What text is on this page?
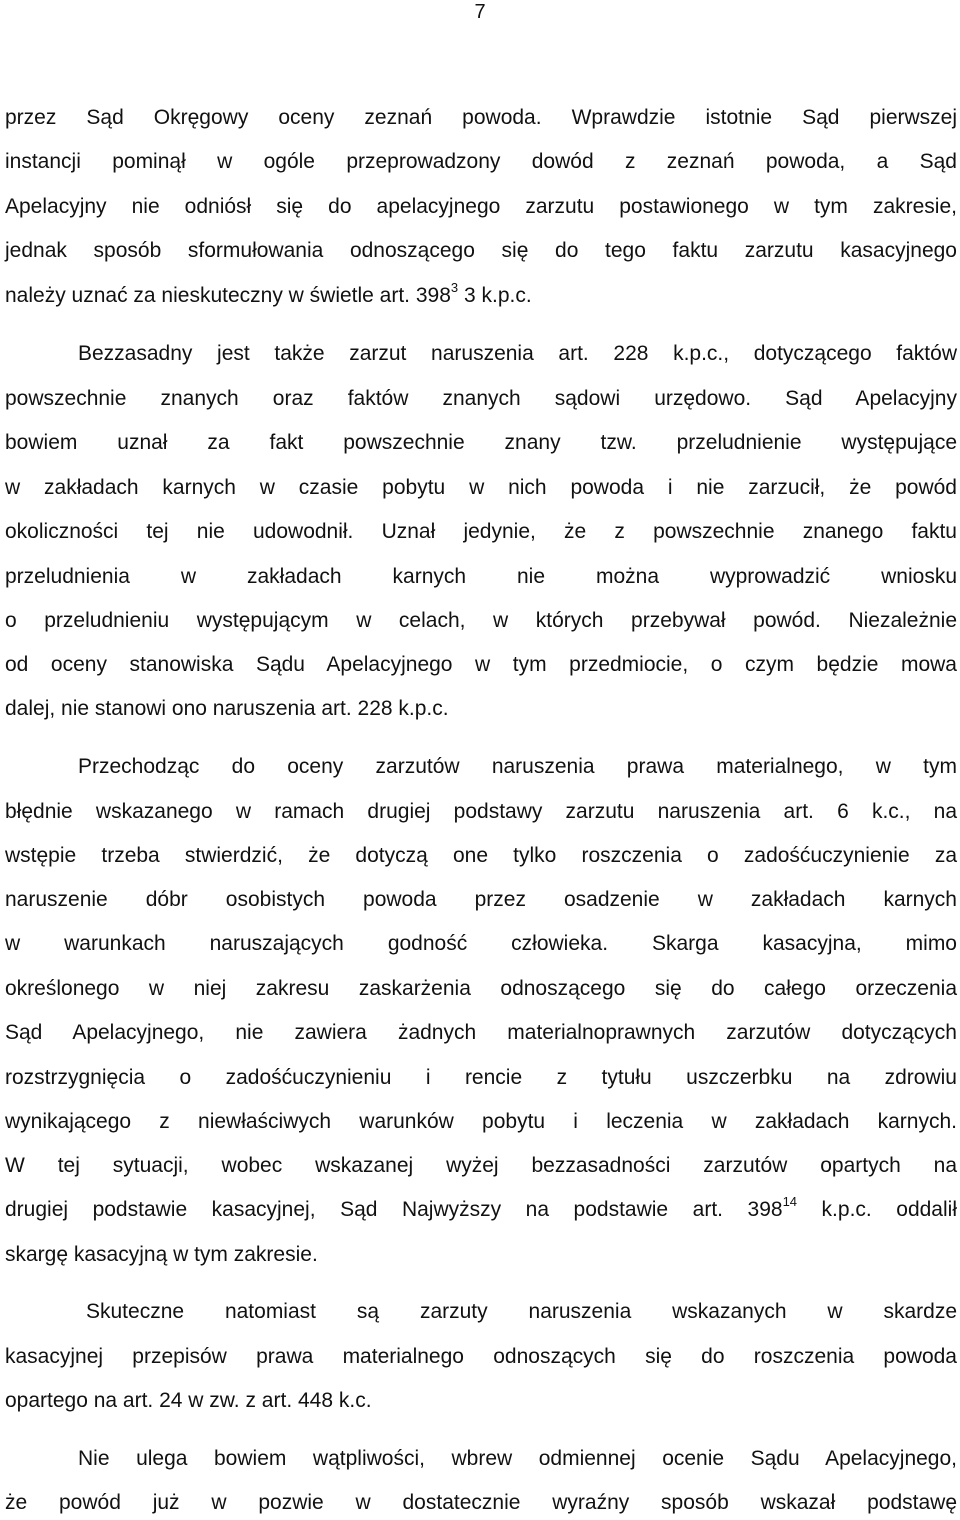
7
przez Sąd Okręgowy oceny zeznań powoda. Wprawdzie istotnie Sąd pierwszej
instancji pominął w ogóle przeprowadzony dowód z zeznań powoda, a Sąd
Apelacyjny nie odniósł się do apelacyjnego zarzutu postawionego w tym zakresie,
jednak sposób sformułowania odnoszącego się do tego faktu zarzutu kasacyjnego
należy uznać za nieskuteczny w świetle art. $398^3$ 3 k.p.c.
Bezzasadny jest także zarzut naruszenia art. 228 k.p.c., dotyczącego faktów
powszechnie znanych oraz faktów znanych sądowi urzędowo. Sąd Apelacyjny
bowiem uznał za fakt powszechnie znany tzw. przeludnienie występujące
w zakładach karnych w czasie pobytu w nich powoda i nie zarzucił, że powód
okoliczności tej nie udowodnił. Uznał jedynie, że z powszechnie znanego faktu
przeludnienia w zakładach karnych nie można wyprowadzić wniosku
o przeludnieniu występującym w celach, w których przebywał powód. Niezależnie
od oceny stanowiska Sądu Apelacyjnego w tym przedmiocie, o czym będzie mowa
dalej, nie stanowi ono naruszenia art. 228 k.p.c.
Przechodząc do oceny zarzutów naruszenia prawa materialnego, w tym
błędnie wskazanego w ramach drugiej podstawy zarzutu naruszenia art. 6 k.c., na
wstępie trzeba stwierdzić, że dotyczą one tylko roszczenia o zadośćuczynienie za
naruszenie dóbr osobistych powoda przez osadzenie w zakładach karnych
w warunkach naruszających godność człowieka. Skarga kasacyjna, mimo
określonego w niej zakresu zaskarżenia odnoszącego się do całego orzeczenia
Sąd Apelacyjnego, nie zawiera żadnych materialnoprawnych zarzutów dotyczących
rozstrzygnięcia o zadośćuczynieniu i rencie z tytułu uszczerbku na zdrowiu
wynikającego z niewłaściwych warunków pobytu i leczenia w zakładach karnych.
W tej sytuacji, wobec wskazanej wyżej bezzasadności zarzutów opartych na
drugiej podstawie kasacyjnej, Sąd Najwyższy na podstawie art. $398^{14}$ k.p.c. oddalił
skargę kasacyjną w tym zakresie.
Skuteczne natomiast są zarzuty naruszenia wskazanych w skardze
kasacyjnej przepisów prawa materialnego odnoszących się do roszczenia powoda
opartego na art. 24 w zw. z art. 448 k.c.
Nie ulega bowiem wątpliwości, wbrew odmiennej ocenie Sądu Apelacyjnego,
że powód już w pozwie w dostatecznie wyraźny sposób wskazał podstawę
